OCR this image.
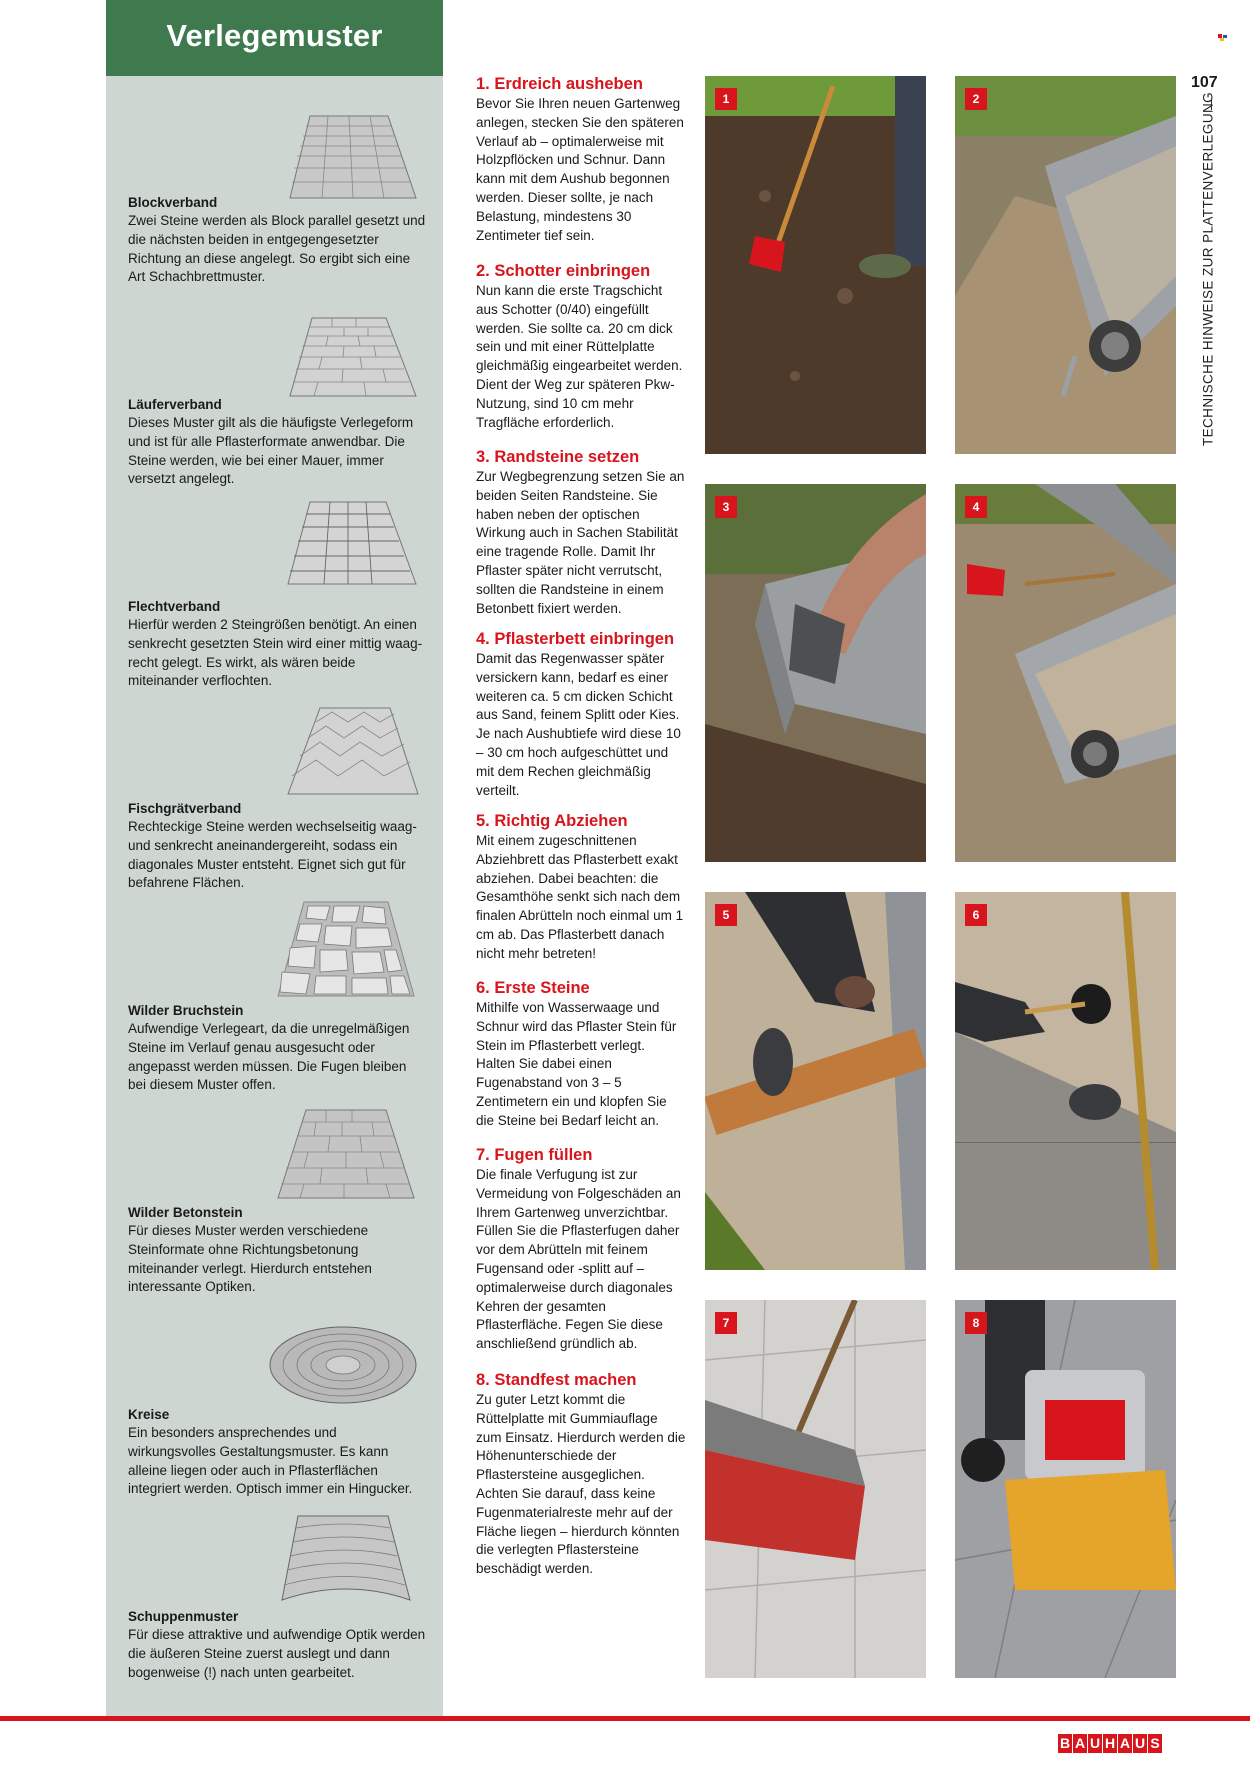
Verlegemuster
Blockverband
Zwei Steine werden als Block parallel gesetzt und die nächsten beiden in entgegengesetzter Richtung an diese angelegt. So ergibt sich eine Art Schachbrettmuster.
Läuferverband
Dieses Muster gilt als die häufigste Verlegeform und ist für alle Pflasterformate anwendbar. Die Steine werden, wie bei einer Mauer, immer versetzt angelegt.
Flechtverband
Hierfür werden 2 Steingrößen benötigt. An einen senkrecht gesetzten Stein wird einer mittig waag-recht gelegt. Es wirkt, als wären beide miteinander verflochten.
Fischgrätverband
Rechteckige Steine werden wechselseitig waag- und senkrecht aneinandergereiht, sodass ein diagonales Muster entsteht. Eignet sich gut für befahrene Flächen.
Wilder Bruchstein
Aufwendige Verlegeart, da die unregelmäßigen Steine im Verlauf genau ausgesucht oder angepasst werden müssen. Die Fugen bleiben bei diesem Muster offen.
Wilder Betonstein
Für dieses Muster werden verschiedene Steinformate ohne Richtungsbetonung miteinander verlegt. Hierdurch entstehen interessante Optiken.
Kreise
Ein besonders ansprechendes und wirkungsvolles Gestaltungsmuster. Es kann alleine liegen oder auch in Pflasterflächen integriert werden. Optisch immer ein Hingucker.
Schuppenmuster
Für diese attraktive und aufwendige Optik werden die äußeren Steine zuerst auslegt und dann bogenweise (!) nach unten gearbeitet.
1. Erdreich ausheben
Bevor Sie Ihren neuen Gartenweg anlegen, stecken Sie den späteren Verlauf ab – optimalerweise mit Holzpflöcken und Schnur. Dann kann mit dem Aushub begonnen werden. Dieser sollte, je nach Belastung, mindestens 30 Zentimeter tief sein.
2. Schotter einbringen
Nun kann die erste Tragschicht aus Schotter (0/40) eingefüllt werden. Sie sollte ca. 20 cm dick sein und mit einer Rüttelplatte gleichmäßig eingearbeitet werden. Dient der Weg zur späteren Pkw-Nutzung, sind 10 cm mehr Tragfläche erforderlich.
3. Randsteine setzen
Zur Wegbegrenzung setzen Sie an beiden Seiten Randsteine. Sie haben neben der optischen Wirkung auch in Sachen Stabilität eine tragende Rolle. Damit Ihr Pflaster später nicht verrutscht, sollten die Randsteine in einem Betonbett fixiert werden.
4. Pflasterbett einbringen
Damit das Regenwasser später versickern kann, bedarf es einer weiteren ca. 5 cm dicken Schicht aus Sand, feinem Splitt oder Kies. Je nach Aushubtiefe wird diese 10 – 30 cm hoch aufgeschüttet und mit dem Rechen gleichmäßig verteilt.
5. Richtig Abziehen
Mit einem zugeschnittenen Abziehbrett das Pflasterbett exakt abziehen. Dabei beachten: die Gesamthöhe senkt sich nach dem finalen Abrütteln noch einmal um 1 cm ab. Das Pflasterbett danach nicht mehr betreten!
6. Erste Steine
Mithilfe von Wasserwaage und Schnur wird das Pflaster Stein für Stein im Pflasterbett verlegt. Halten Sie dabei einen Fugenabstand von 3 – 5 Zentimetern ein und klopfen Sie die Steine bei Bedarf leicht an.
7. Fugen füllen
Die finale Verfugung ist zur Vermeidung von Folgeschäden an Ihrem Gartenweg unverzichtbar. Füllen Sie die Pflasterfugen daher vor dem Abrütteln mit feinem Fugensand oder -splitt auf – optimalerweise durch diagonales Kehren der gesamten Pflasterfläche. Fegen Sie diese anschließend gründlich ab.
8. Standfest machen
Zu guter Letzt kommt die Rüttelplatte mit Gummiauflage zum Einsatz. Hierdurch werden die Höhenunterschiede der Pflastersteine ausgeglichen. Achten Sie darauf, dass keine Fugenmaterialreste mehr auf der Fläche liegen – hierdurch könnten die verlegten Pflastersteine beschädigt werden.
1	2
3	4
5	6
7	8
107
TECHNISCHE HINWEISE ZUR PLATTENVERLEGUNG
B A U H A U S
